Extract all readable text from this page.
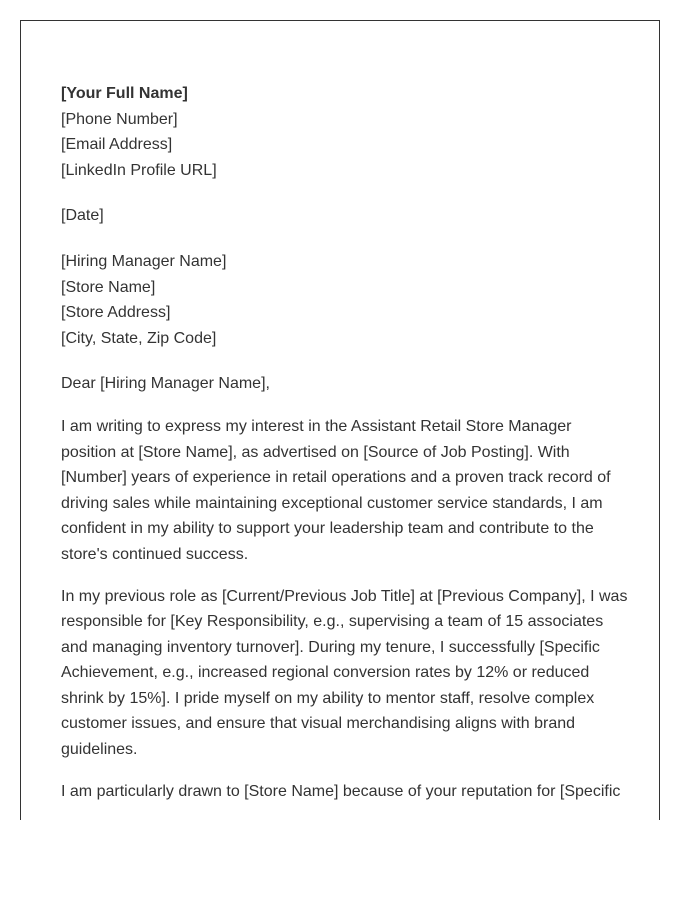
[Your Full Name]
[Phone Number]
[Email Address]
[LinkedIn Profile URL]
[Date]
[Hiring Manager Name]
[Store Name]
[Store Address]
[City, State, Zip Code]
Dear [Hiring Manager Name],

I am writing to express my interest in the Assistant Retail Store Manager position at [Store Name], as advertised on [Source of Job Posting]. With [Number] years of experience in retail operations and a proven track record of driving sales while maintaining exceptional customer service standards, I am confident in my ability to support your leadership team and contribute to the store's continued success.

In my previous role as [Current/Previous Job Title] at [Previous Company], I was responsible for [Key Responsibility, e.g., supervising a team of 15 associates and managing inventory turnover]. During my tenure, I successfully [Specific Achievement, e.g., increased regional conversion rates by 12% or reduced shrink by 15%]. I pride myself on my ability to mentor staff, resolve complex customer issues, and ensure that visual merchandising aligns with brand guidelines.

I am particularly drawn to [Store Name] because of your reputation for [Specific
